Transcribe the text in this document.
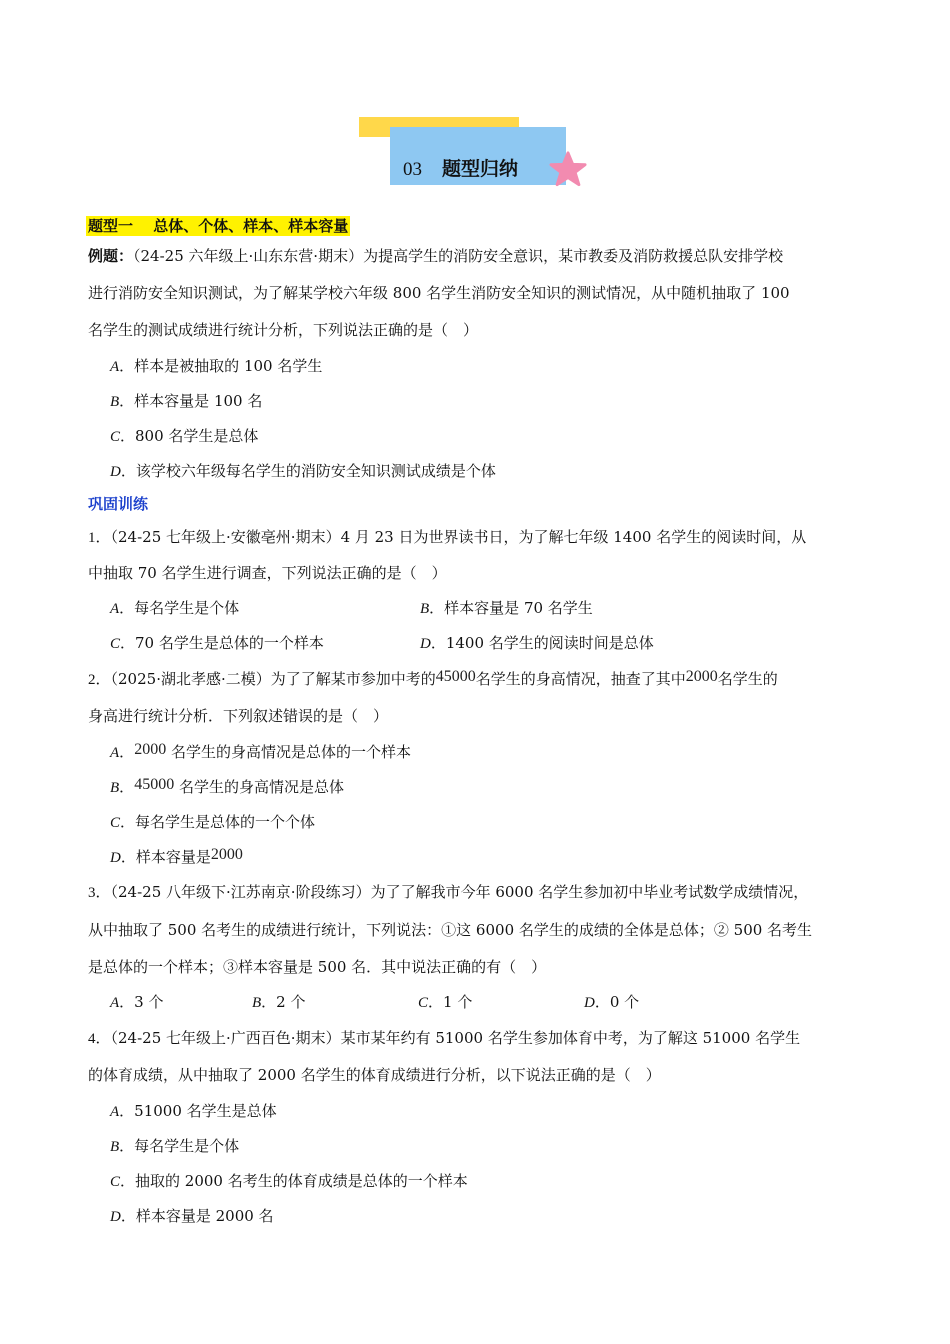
03 题型归纳
题型一　 总体、个体、样本、样本容量
例题：（24-25 六年级上·山东东营·期末）为提高学生的消防安全意识，某市教委及消防救援总队安排学校
进行消防安全知识测试，为了解某学校六年级 800 名学生消防安全知识的测试情况，从中随机抽取了 100
名学生的测试成绩进行统计分析，下列说法正确的是（　）
A．样本是被抽取的 100 名学生
B．样本容量是 100 名
C．800 名学生是总体
D．该学校六年级每名学生的消防安全知识测试成绩是个体
巩固训练
1．（24-25 七年级上·安徽亳州·期末）4 月 23 日为世界读书日，为了解七年级 1400 名学生的阅读时间，从
中抽取 70 名学生进行调查，下列说法正确的是（　）
A．每名学生是个体	B．样本容量是 70 名学生
C．70 名学生是总体的一个样本	D．1400 名学生的阅读时间是总体
2．（2025·湖北孝感·二模）为了了解某市参加中考的45000名学生的身高情况，抽查了其中2000名学生的
身高进行统计分析．下列叙述错误的是（　）
A．2000 名学生的身高情况是总体的一个样本
B．45000 名学生的身高情况是总体
C．每名学生是总体的一个个体
D．样本容量是2000
3．（24-25 八年级下·江苏南京·阶段练习）为了了解我市今年 6000 名学生参加初中毕业考试数学成绩情况，
从中抽取了 500 名考生的成绩进行统计，下列说法：①这 6000 名学生的成绩的全体是总体；② 500 名考生
是总体的一个样本；③样本容量是 500 名．其中说法正确的有（　）
A．3 个	B．2 个	C．1 个	D．0 个
4．（24-25 七年级上·广西百色·期末）某市某年约有 51000 名学生参加体育中考，为了解这 51000 名学生
的体育成绩，从中抽取了 2000 名学生的体育成绩进行分析，以下说法正确的是（　）
A．51000 名学生是总体
B．每名学生是个体
C．抽取的 2000 名考生的体育成绩是总体的一个样本
D．样本容量是 2000 名
